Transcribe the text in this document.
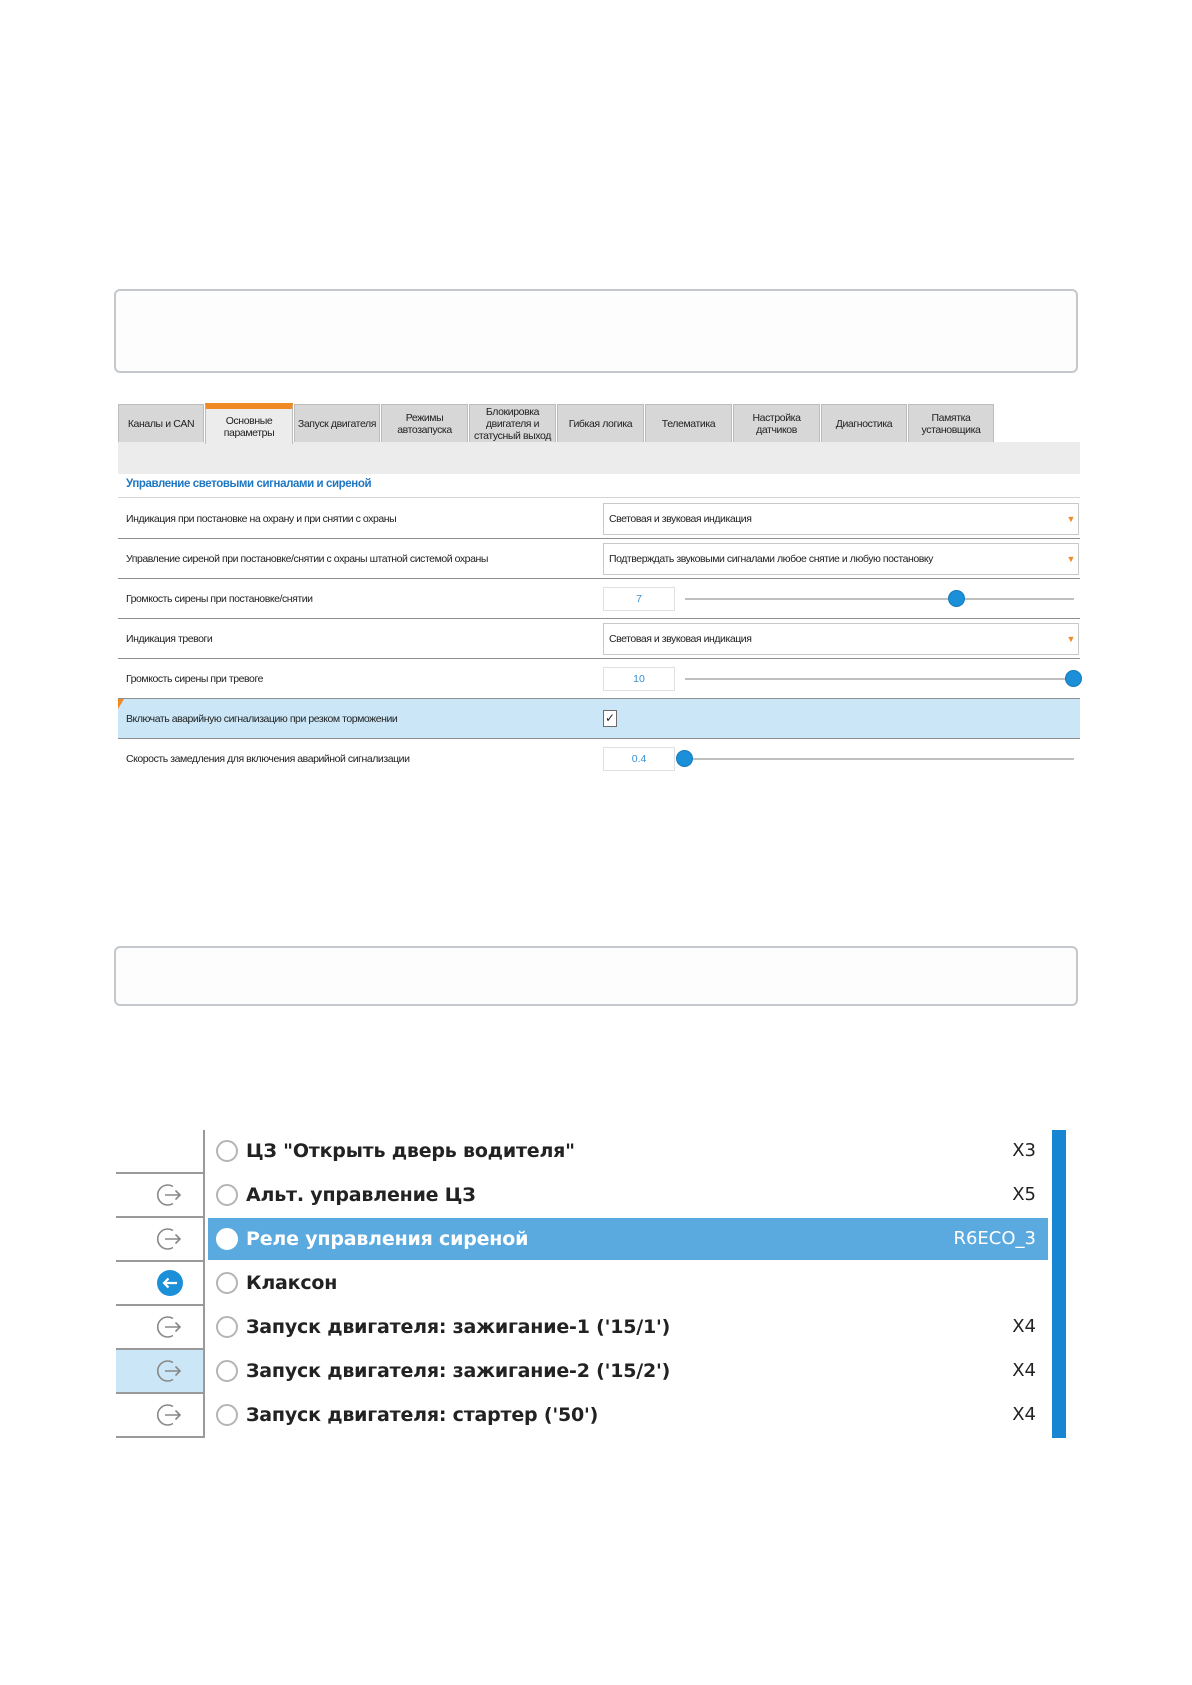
Каналы и CAN	Основные параметры
Запуск двигателя	Режимы автозапуска
Блокировка двигателя и статусный выход
Гибкая логика	Телематика	Настройка датчиков	Диагностика	Памятка установщика
Управление световыми сигналами и сиреной
Индикация при постановке на охрану и при снятии с охраны	Световая и звуковая индикация	▼
Управление сиреной при постановке/снятии с охраны штатной системой охраны	Подтверждать звуковыми сигналами любое снятие и любую постановку	▼
Громкость сирены при постановке/снятии	7
Индикация тревоги	Световая и звуковая индикация	▼
Громкость сирены при тревоге	10
Включать аварийную сигнализацию при резком торможении	✓
Скорость замедления для включения аварийной сигнализации	0.4
ЦЗ "Открыть дверь водителя"	X3
Альт. управление ЦЗ	X5
Реле управления сиреной	R6ECO_3
Клаксон
Запуск двигателя: зажигание-1 ('15/1')	X4
Запуск двигателя: зажигание-2 ('15/2')	X4
Запуск двигателя: стартер ('50')	X4
